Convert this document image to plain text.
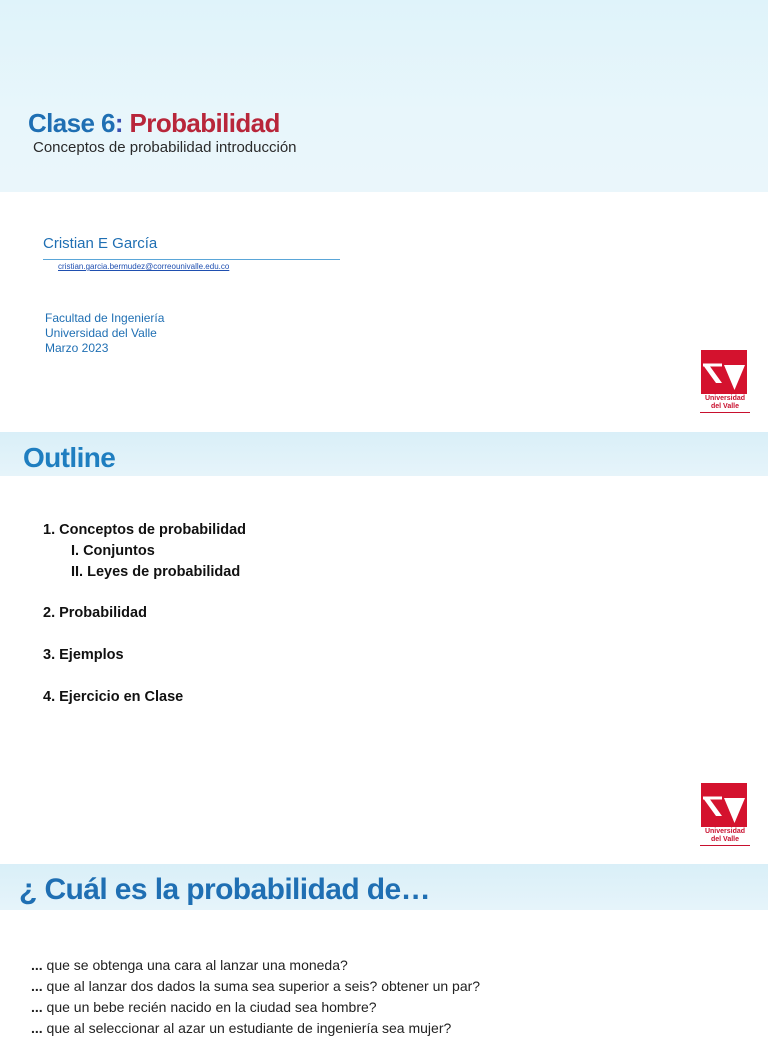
Clase 6: Probabilidad
Conceptos de probabilidad introducción
Cristian E García
cristian.garcia.bermudez@correounivalle.edu.co
Facultad de Ingeniería
Universidad del Valle
Marzo 2023
Universidad
del Valle
Outline
1. Conceptos de probabilidad
I. Conjuntos
II. Leyes de probabilidad
2. Probabilidad
3. Ejemplos
4. Ejercicio en Clase
Universidad
del Valle
¿ Cuál es la probabilidad de…
... que se obtenga una cara al lanzar una moneda?
... que al lanzar dos dados la suma sea superior a seis? obtener un par?
... que un bebe recién nacido en la ciudad sea hombre?
... que al seleccionar al azar un estudiante de ingeniería sea mujer?
